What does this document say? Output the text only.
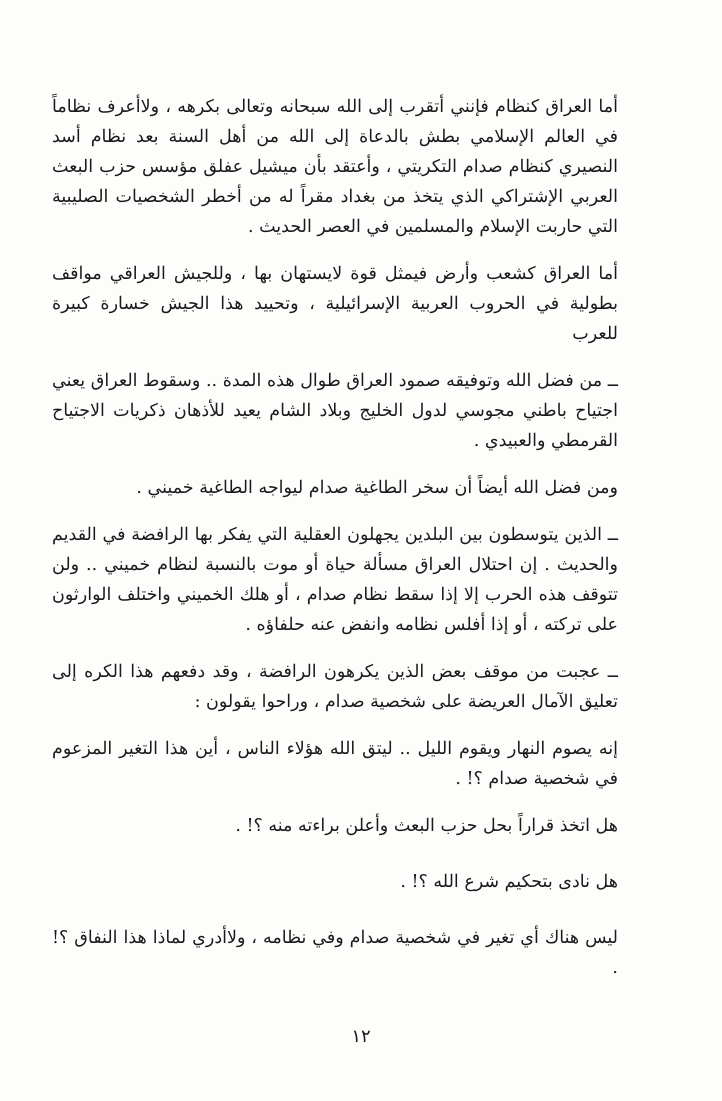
أما العراق كنظام فإنني أتقرب إلى الله سبحانه وتعالى بكرهه ، ولاأعرف نظاماً في العالم الإسلامي بطش بالدعاة إلى الله من أهل السنة بعد نظام أسد النصيري كنظام صدام التكريتي ، وأعتقد بأن ميشيل عفلق مؤسس حزب البعث العربي الإشتراكي الذي يتخذ من بغداد مقراً له من أخطر الشخصيات الصليبية التي حاربت الإسلام والمسلمين في العصر الحديث .

أما العراق كشعب وأرض فيمثل قوة لايستهان بها ، وللجيش العراقي مواقف بطولية في الحروب العربية الإسرائيلية ، وتحييد هذا الجيش خسارة كبيرة للعرب

ــ من فضل الله وتوفيقه صمود العراق طوال هذه المدة .. وسقوط العراق يعني اجتياح باطني مجوسي لدول الخليج وبلاد الشام يعيد للأذهان ذكريات الاجتياح القرمطي والعبيدي .

ومن فضل الله أيضاً أن سخر الطاغية صدام ليواجه الطاغية خميني .

ــ الذين يتوسطون بين البلدين يجهلون العقلية التي يفكر بها الرافضة في القديم والحديث . إن احتلال العراق مسألة حياة أو موت بالنسبة لنظام خميني .. ولن تتوقف هذه الحرب إلا إذا سقط نظام صدام ، أو هلك الخميني واختلف الوارثون على تركته ، أو إذا أفلس نظامه وانفض عنه حلفاؤه .

ــ عجبت من موقف بعض الذين يكرهون الرافضة ، وقد دفعهم هذا الكره إلى تعليق الآمال العريضة على شخصية صدام ، وراحوا يقولون :

إنه يصوم النهار ويقوم الليل .. ليتق الله هؤلاء الناس ، أين هذا التغير المزعوم في شخصية صدام ؟! .

هل اتخذ قراراً بحل حزب البعث وأعلن براءته منه ؟! .

هل نادى بتحكيم شرع الله ؟! .

ليس هناك أي تغير في شخصية صدام وفي نظامه ، ولاأدري لماذا هذا النفاق ؟! .

١٢
